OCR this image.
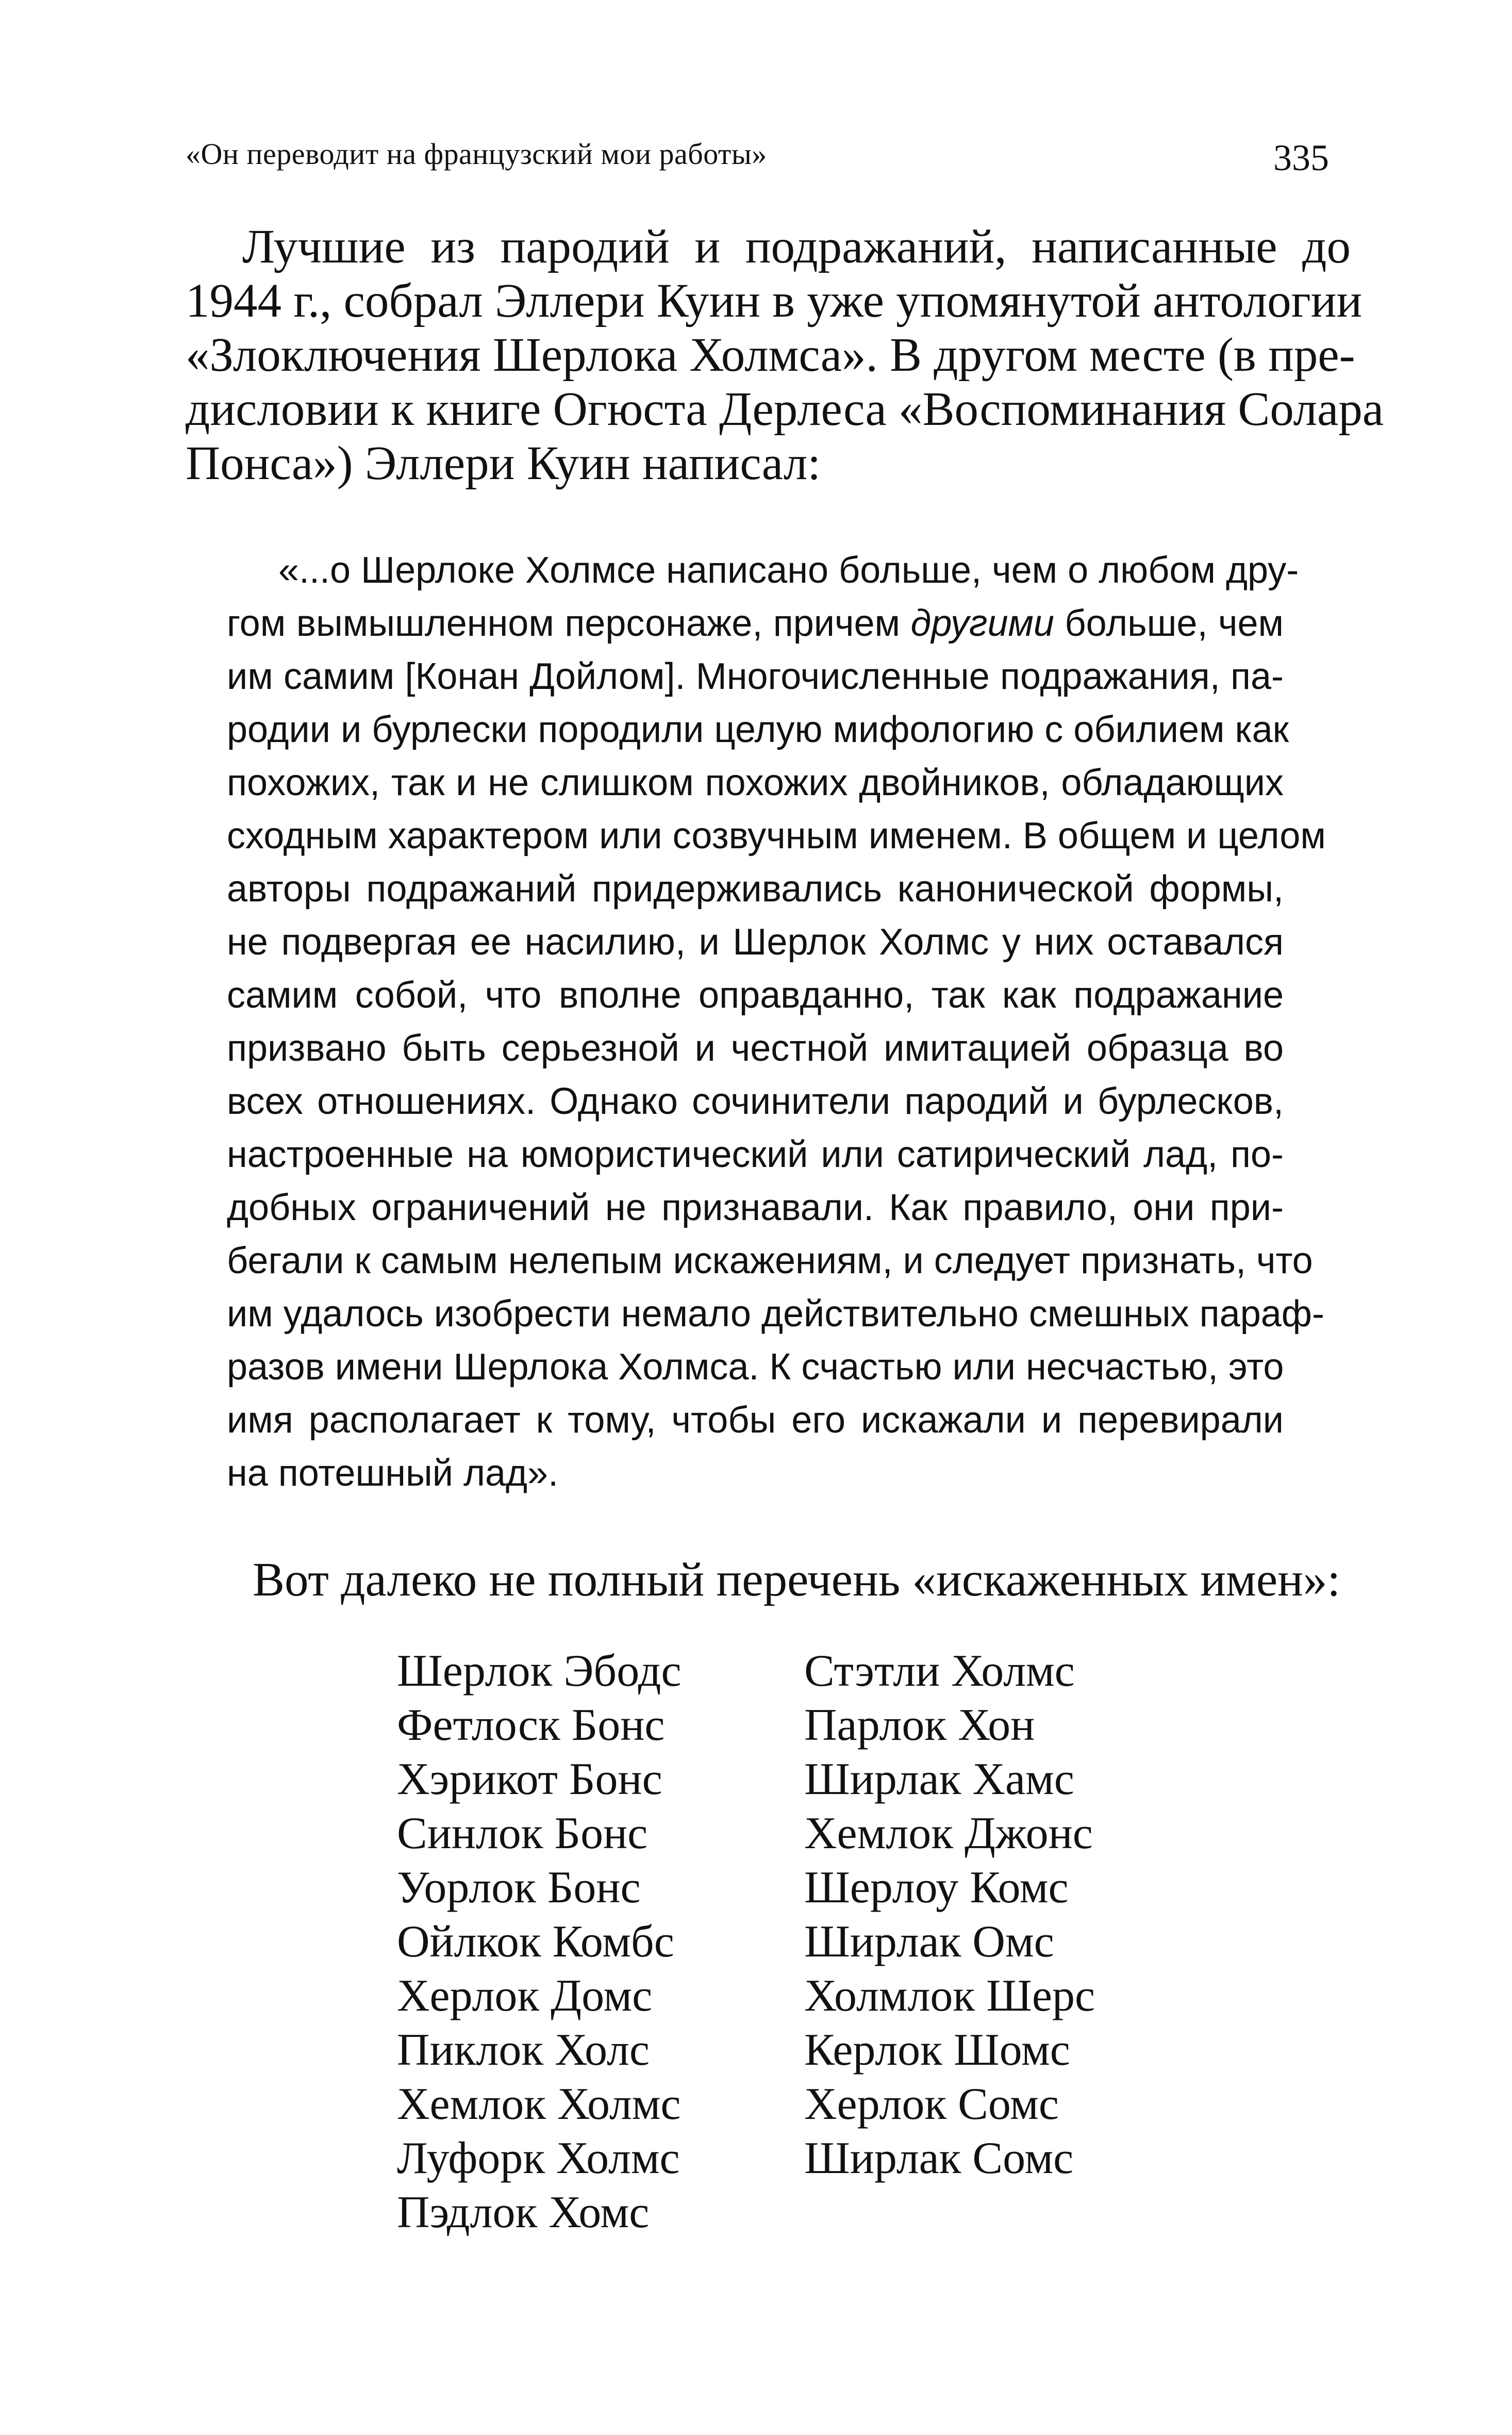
«Он переводит на французский мои работы»	335
Лучшие из пародий и подражаний, написанные до
1944 г., собрал Эллери Куин в уже упомянутой антологии
«Злоключения Шерлока Холмса». В другом месте (в пре-
дисловии к книге Огюста Дерлеса «Воспоминания Солара
Понса») Эллери Куин написал:
«...о Шерлоке Холмсе написано больше, чем о любом дру-
гом вымышленном персонаже, причем другими больше, чем
им самим [Конан Дойлом]. Многочисленные подражания, па-
родии и бурлески породили целую мифологию с обилием как
похожих, так и не слишком похожих двойников, обладающих
сходным характером или созвучным именем. В общем и целом
авторы подражаний придерживались канонической формы,
не подвергая ее насилию, и Шерлок Холмс у них оставался
самим собой, что вполне оправданно, так как подражание
призвано быть серьезной и честной имитацией образца во
всех отношениях. Однако сочинители пародий и бурлесков,
настроенные на юмористический или сатирический лад, по-
добных ограничений не признавали. Как правило, они при-
бегали к самым нелепым искажениям, и следует признать, что
им удалось изобрести немало действительно смешных параф-
разов имени Шерлока Холмса. К счастью или несчастью, это
имя располагает к тому, чтобы его искажали и перевирали
на потешный лад».
Вот далеко не полный перечень «искаженных имен»:
Шерлок Эбодс
Фетлоск Бонс
Хэрикот Бонс
Синлок Бонс
Уорлок Бонс
Ойлкок Комбс
Херлок Домс
Пиклок Холс
Хемлок Холмс
Луфорк Холмс
Пэдлок Хомс
Стэтли Холмс
Парлок Хон
Ширлак Хамс
Хемлок Джонс
Шерлоу Комс
Ширлак Омс
Холмлок Шерс
Керлок Шомс
Херлок Сомс
Ширлак Сомс
